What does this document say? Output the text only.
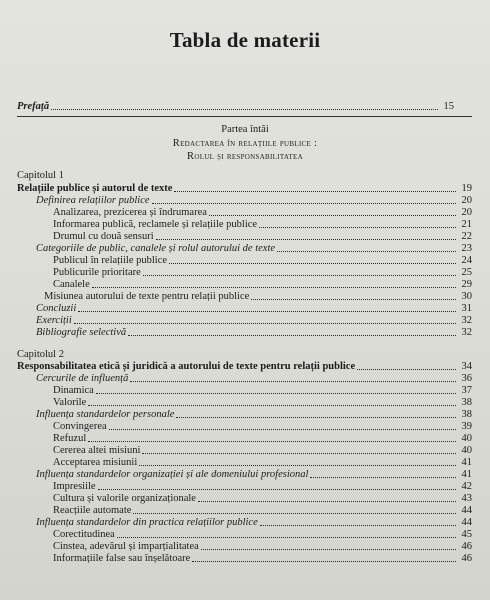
Tabla de materii
Prefață	15
Partea întâi
Redactarea în relațiile publice :
Rolul și responsabilitatea
Capitolul 1
Relațiile publice și autorul de texte	19
Definirea relațiilor publice	20
Analizarea, prezicerea și îndrumarea	20
Informarea publică, reclamele și relațiile publice	21
Drumul cu două sensuri	22
Categoriile de public, canalele și rolul autorului de texte	23
Publicul în relațiile publice	24
Publicurile prioritare	25
Canalele	29
Misiunea autorului de texte pentru relații publice	30
Concluzii	31
Exerciții	32
Bibliografie selectivă	32
Capitolul 2
Responsabilitatea etică și juridică a autorului de texte pentru relații publice	34
Cercurile de influență	36
Dinamica	37
Valorile	38
Influența standardelor personale	38
Convingerea	39
Refuzul	40
Cererea altei misiuni	40
Acceptarea misiunii	41
Influența standardelor organizației și ale domeniului profesional	41
Impresiile	42
Cultura și valorile organizaționale	43
Reacțiile automate	44
Influența standardelor din practica relațiilor publice	44
Corectitudinea	45
Cinstea, adevărul și imparțialitatea	46
Informațiile false sau înșelătoare	46
